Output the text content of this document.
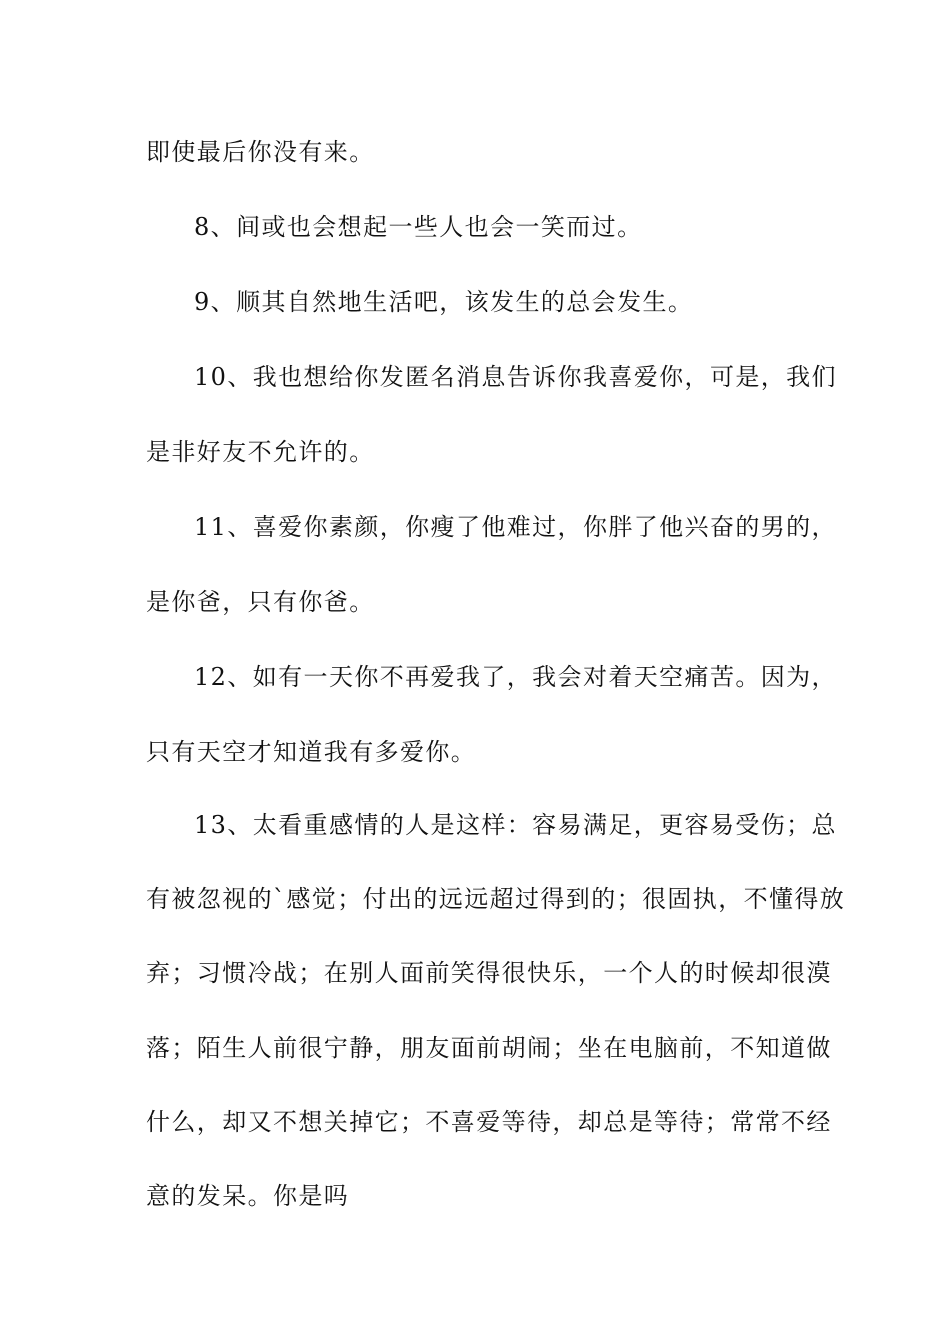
即使最后你没有来。
8、间或也会想起一些人也会一笑而过。
9、顺其自然地生活吧，该发生的总会发生。
10、我也想给你发匿名消息告诉你我喜爱你，可是，我们
是非好友不允许的。
11、喜爱你素颜，你瘦了他难过，你胖了他兴奋的男的，
是你爸，只有你爸。
12、如有一天你不再爱我了，我会对着天空痛苦。因为，
只有天空才知道我有多爱你。
13、太看重感情的人是这样：容易满足，更容易受伤；总
有被忽视的`感觉；付出的远远超过得到的；很固执，不懂得放
弃；习惯冷战；在别人面前笑得很快乐，一个人的时候却很漠
落；陌生人前很宁静，朋友面前胡闹；坐在电脑前，不知道做
什么，却又不想关掉它；不喜爱等待，却总是等待；常常不经
意的发呆。你是吗
